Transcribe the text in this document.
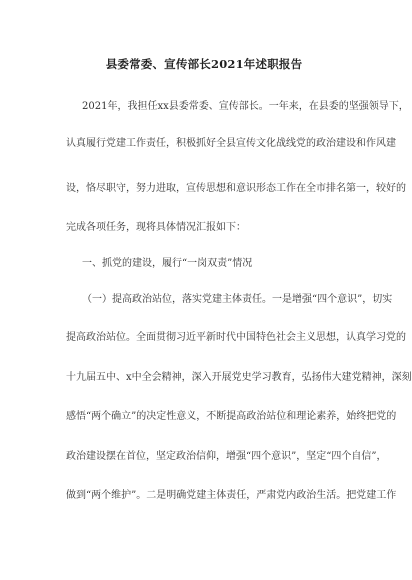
县委常委、宣传部长2021年述职报告
2021年，我担任xx县委常委、宣传部长。一年来，在县委的坚强领导下，
认真履行党建工作责任，积极抓好全县宣传文化战线党的政治建设和作风建
设，恪尽职守，努力进取，宣传思想和意识形态工作在全市排名第一，较好的
完成各项任务，现将具体情况汇报如下：
一、抓党的建设，履行“一岗双责”情况
（一）提高政治站位，落实党建主体责任。一是增强“四个意识”，切实
提高政治站位。全面贯彻习近平新时代中国特色社会主义思想，认真学习党的
十九届五中、x中全会精神，深入开展党史学习教育，弘扬伟大建党精神，深刻
感悟“两个确立”的决定性意义，不断提高政治站位和理论素养，始终把党的
政治建设摆在首位，坚定政治信仰，增强“四个意识”，坚定“四个自信”，
做到“两个维护”。二是明确党建主体责任，严肃党内政治生活。把党建工作
